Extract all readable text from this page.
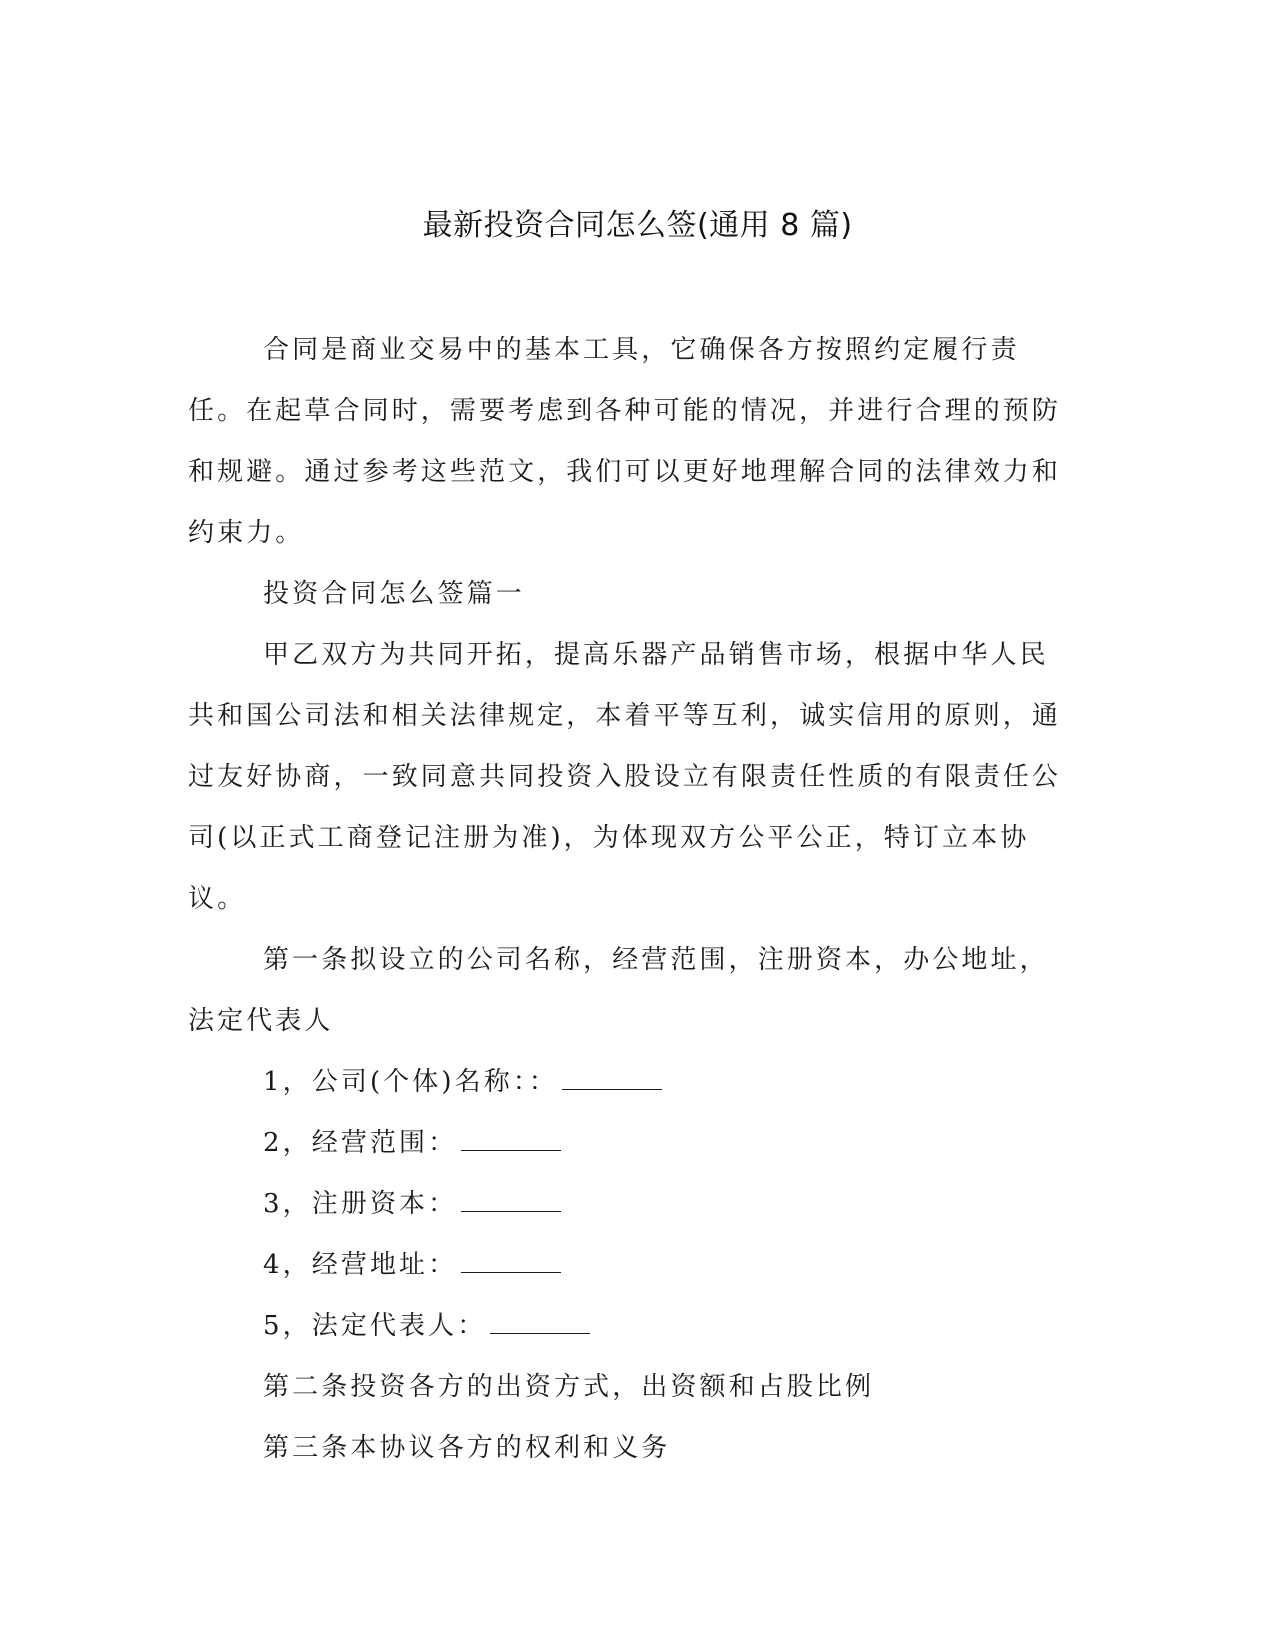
最新投资合同怎么签(通用 8 篇)

合同是商业交易中的基本工具，它确保各方按照约定履行责任。在起草合同时，需要考虑到各种可能的情况，并进行合理的预防和规避。通过参考这些范文，我们可以更好地理解合同的法律效力和约束力。

投资合同怎么签篇一

甲乙双方为共同开拓，提高乐器产品销售市场，根据中华人民共和国公司法和相关法律规定，本着平等互利，诚实信用的原则，通过友好协商，一致同意共同投资入股设立有限责任性质的有限责任公司(以正式工商登记注册为准)，为体现双方公平公正，特订立本协议。

第一条拟设立的公司名称，经营范围，注册资本，办公地址，法定代表人

1，公司(个体)名称：：

2，经营范围：

3，注册资本：

4，经营地址：

5，法定代表人：

第二条投资各方的出资方式，出资额和占股比例

第三条本协议各方的权利和义务
